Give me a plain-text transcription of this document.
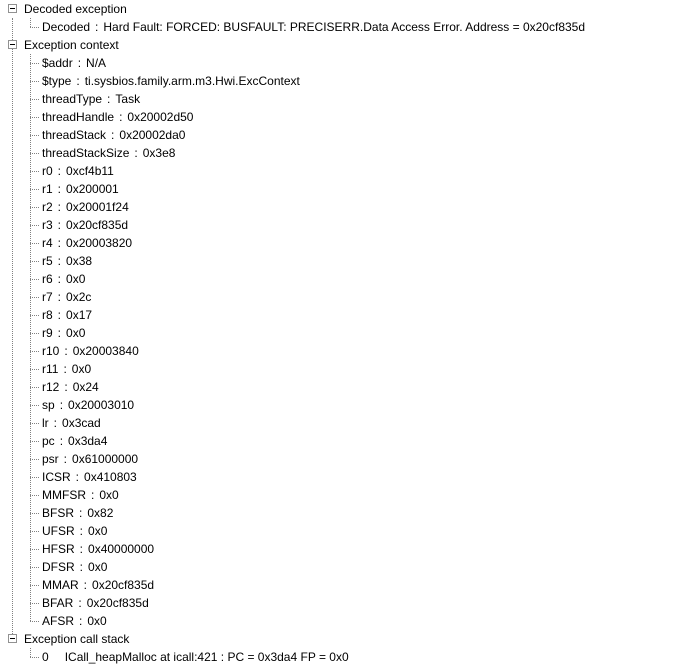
Decoded exception
Decoded : Hard Fault: FORCED: BUSFAULT: PRECISERR.Data Access Error. Address = 0x20cf835d
Exception context
$addr : N/A
$type : ti.sysbios.family.arm.m3.Hwi.ExcContext
threadType : Task
threadHandle : 0x20002d50
threadStack : 0x20002da0
threadStackSize : 0x3e8
r0 : 0xcf4b11
r1 : 0x200001
r2 : 0x20001f24
r3 : 0x20cf835d
r4 : 0x20003820
r5 : 0x38
r6 : 0x0
r7 : 0x2c
r8 : 0x17
r9 : 0x0
r10 : 0x20003840
r11 : 0x0
r12 : 0x24
sp : 0x20003010
lr : 0x3cad
pc : 0x3da4
psr : 0x61000000
ICSR : 0x410803
MMFSR : 0x0
BFSR : 0x82
UFSR : 0x0
HFSR : 0x40000000
DFSR : 0x0
MMAR : 0x20cf835d
BFAR : 0x20cf835d
AFSR : 0x0
Exception call stack
0 ICall_heapMalloc at icall:421 : PC = 0x3da4 FP = 0x0
